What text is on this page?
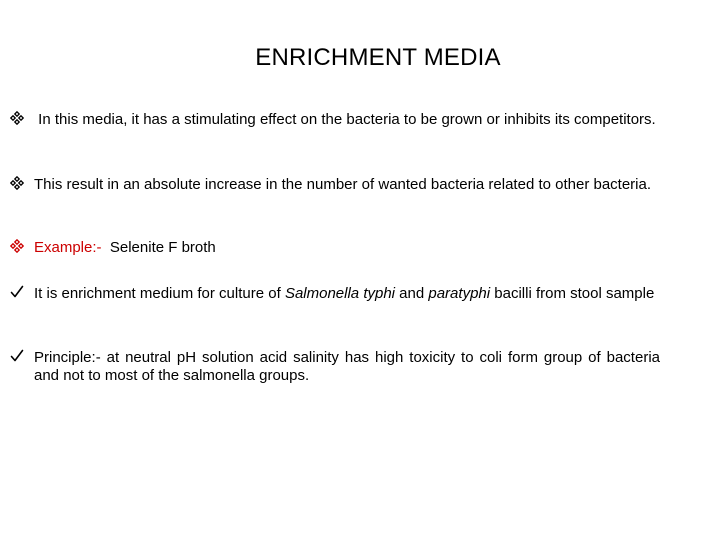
ENRICHMENT MEDIA
In this media, it has a stimulating effect on the bacteria to be grown or inhibits its competitors.
This result in an absolute increase in the number of wanted bacteria related to other bacteria.
Example:-  Selenite F broth
It is enrichment medium for culture of Salmonella typhi and paratyphi bacilli from stool sample
Principle:- at neutral pH solution acid salinity has high toxicity to coli form group of bacteria and not to most of the salmonella groups.
